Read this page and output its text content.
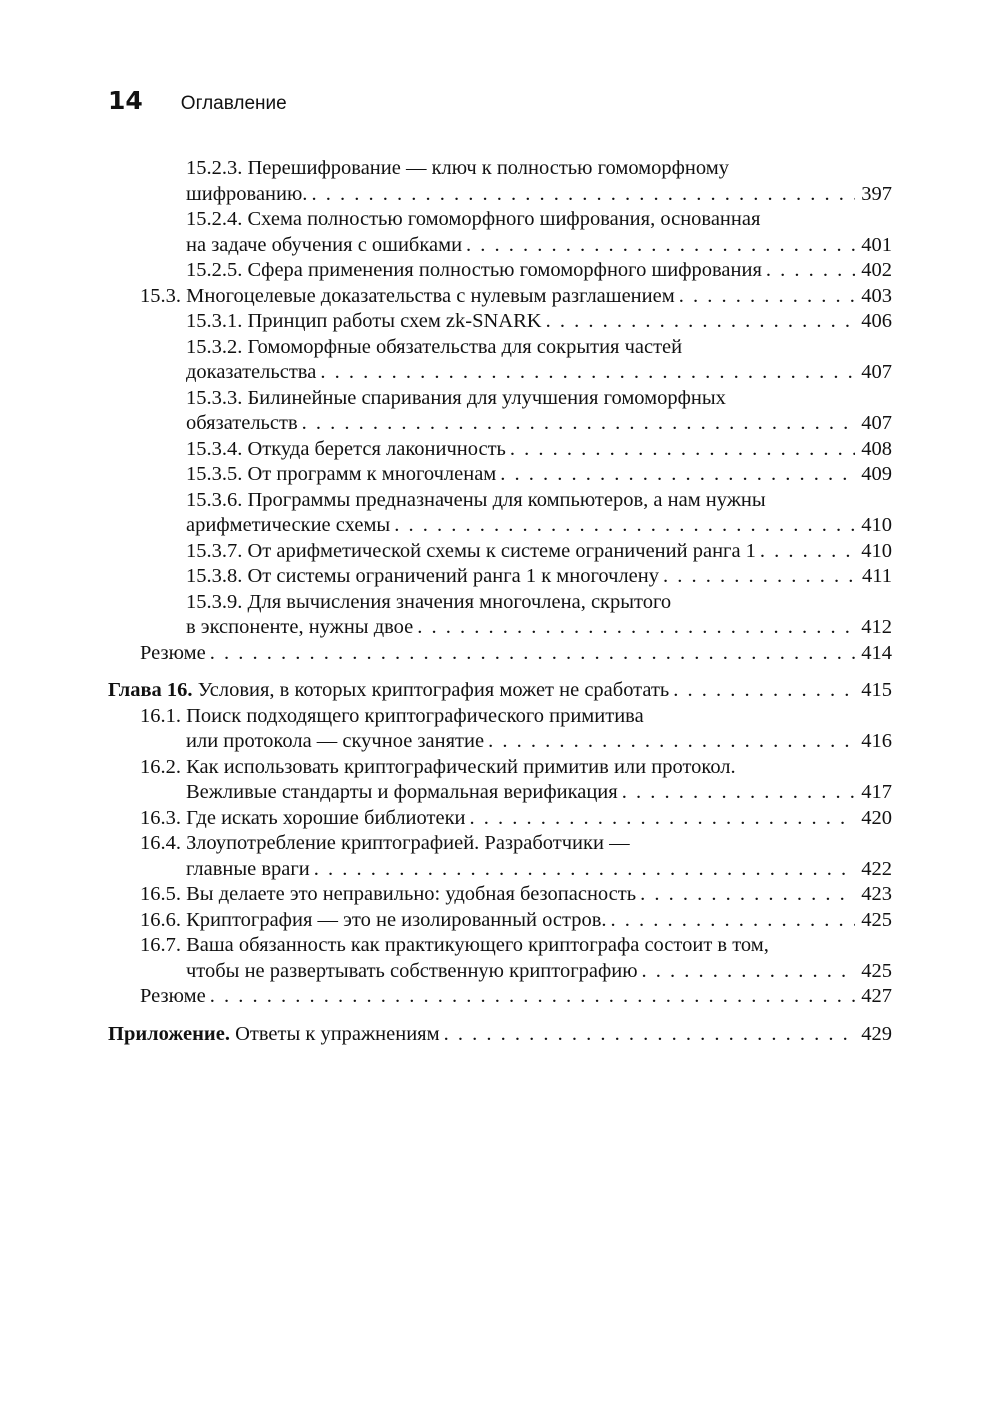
14 Оглавление
15.2.3. Перешифрование — ключ к полностью гомоморфному
шифрованию. . . .	397
15.2.4. Схема полностью гомоморфного шифрования, основанная
на задаче обучения с ошибками . . .	401
15.2.5. Сфера применения полностью гомоморфного шифрования . . .	402
15.3. Многоцелевые доказательства с нулевым разглашением . . .	403
15.3.1. Принцип работы схем zk-SNARK . . .	406
15.3.2. Гомоморфные обязательства для сокрытия частей
доказательства . . .	407
15.3.3. Билинейные спаривания для улучшения гомоморфных
обязательств . . .	407
15.3.4. Откуда берется лаконичность . . .	408
15.3.5. От программ к многочленам . . .	409
15.3.6. Программы предназначены для компьютеров, а нам нужны
арифметические схемы . . .	410
15.3.7. От арифметической схемы к системе ограничений ранга 1 . . .	410
15.3.8. От системы ограничений ранга 1 к многочлену . . .	411
15.3.9. Для вычисления значения многочлена, скрытого
в экспоненте, нужны двое . . .	412
Резюме . . .	414
Глава 16.
Условия, в которых криптография может не сработать . . .	415
16.1. Поиск подходящего криптографического примитива
или протокола — скучное занятие . . .	416
16.2. Как использовать криптографический примитив или протокол.
Вежливые стандарты и формальная верификация . . .	417
16.3. Где искать хорошие библиотеки . . .	420
16.4. Злоупотребление криптографией. Разработчики —
главные враги . . .	422
16.5. Вы делаете это неправильно: удобная безопасность . . .	423
16.6. Криптография — это не изолированный остров. . . .	425
16.7. Ваша обязанность как практикующего криптографа состоит в том,
чтобы не развертывать собственную криптографию . . .	425
Резюме . . .	427
Приложение.
Ответы к упражнениям . . .	429
